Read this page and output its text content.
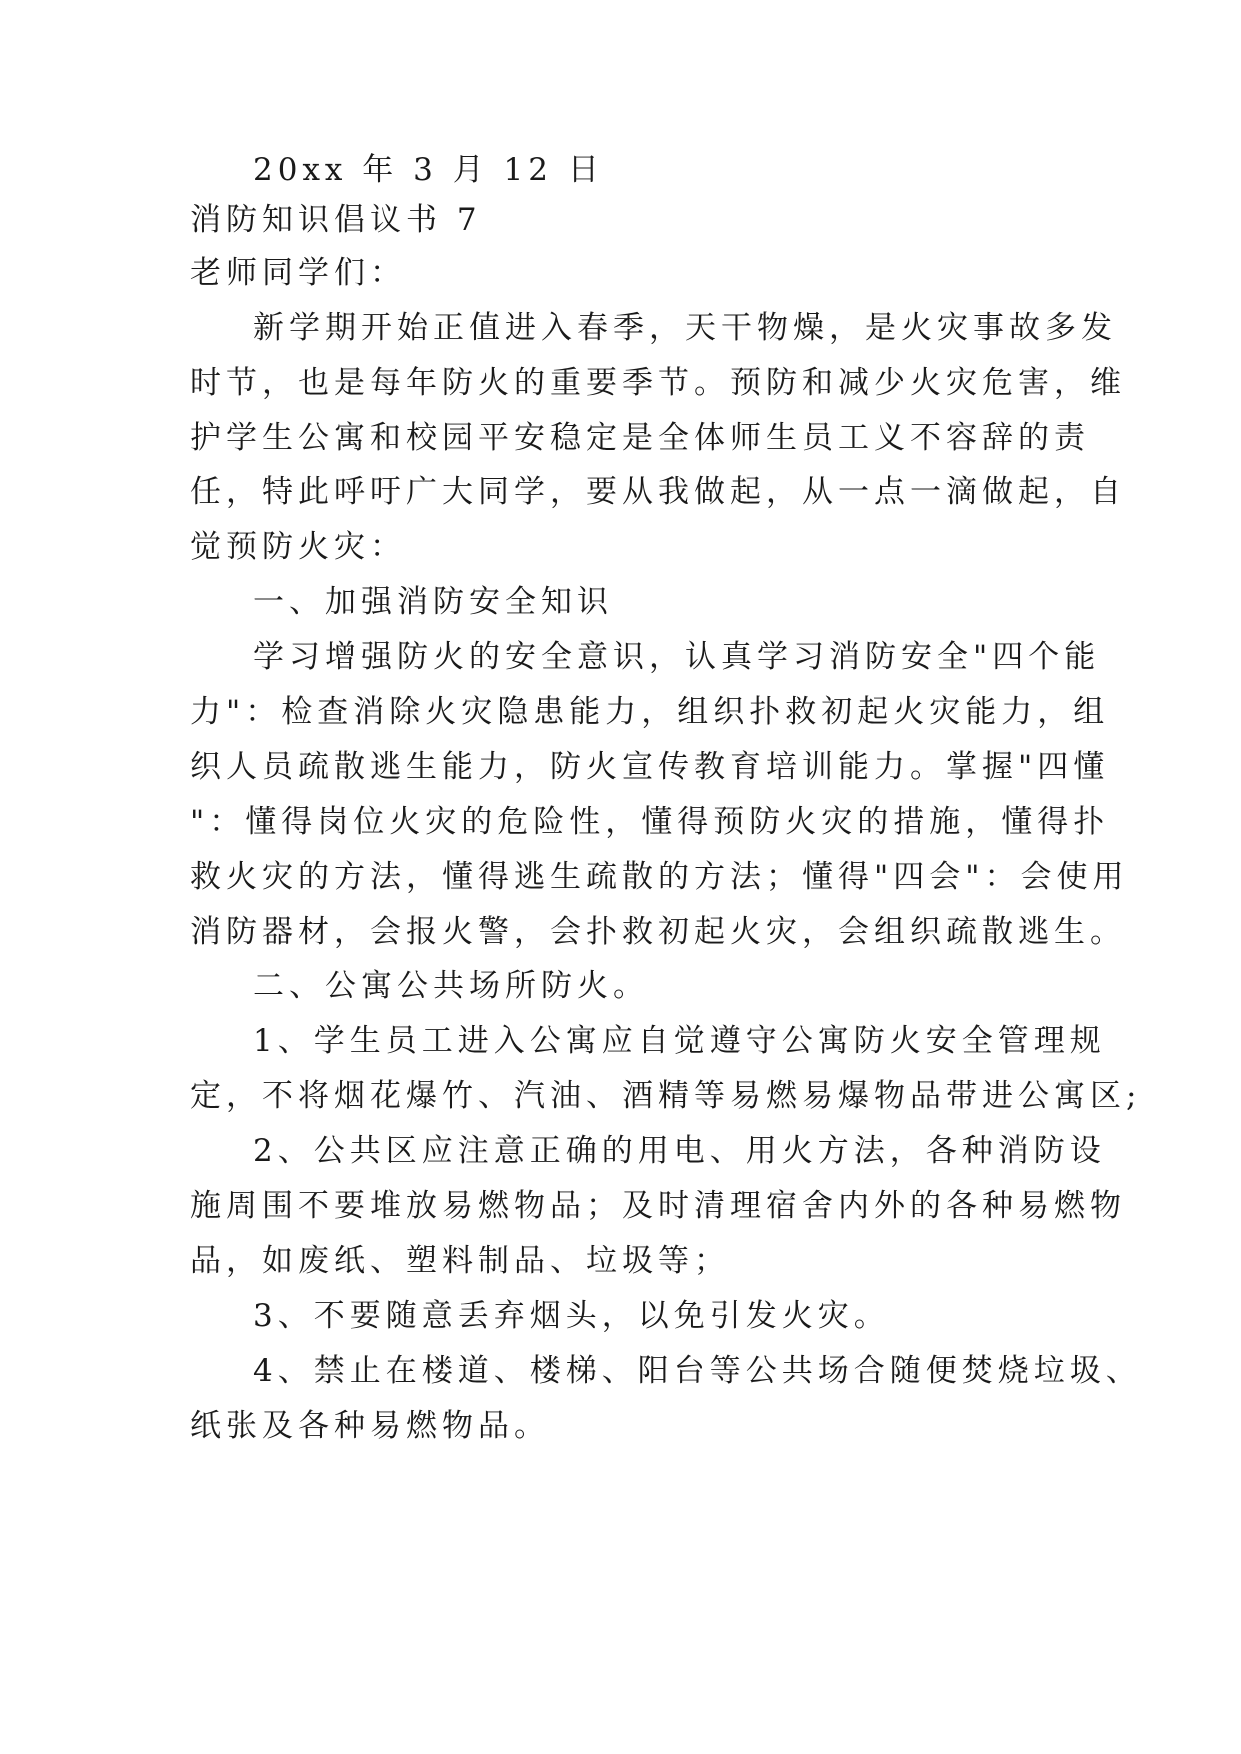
20xx 年 3 月 12 日
消防知识倡议书 7
老师同学们：
新学期开始正值进入春季，天干物燥，是火灾事故多发
时节，也是每年防火的重要季节。预防和减少火灾危害，维
护学生公寓和校园平安稳定是全体师生员工义不容辞的责
任，特此呼吁广大同学，要从我做起，从一点一滴做起，自
觉预防火灾：
一、加强消防安全知识
学习增强防火的安全意识，认真学习消防安全"四个能
力"：检查消除火灾隐患能力，组织扑救初起火灾能力，组
织人员疏散逃生能力，防火宣传教育培训能力。掌握"四懂
"：懂得岗位火灾的危险性，懂得预防火灾的措施，懂得扑
救火灾的方法，懂得逃生疏散的方法；懂得"四会"：会使用
消防器材，会报火警，会扑救初起火灾，会组织疏散逃生。
二、公寓公共场所防火。
1、学生员工进入公寓应自觉遵守公寓防火安全管理规
定，不将烟花爆竹、汽油、酒精等易燃易爆物品带进公寓区;
2、公共区应注意正确的用电、用火方法，各种消防设
施周围不要堆放易燃物品；及时清理宿舍内外的各种易燃物
品，如废纸、塑料制品、垃圾等；
3、不要随意丢弃烟头，以免引发火灾。
4、禁止在楼道、楼梯、阳台等公共场合随便焚烧垃圾、
纸张及各种易燃物品。
